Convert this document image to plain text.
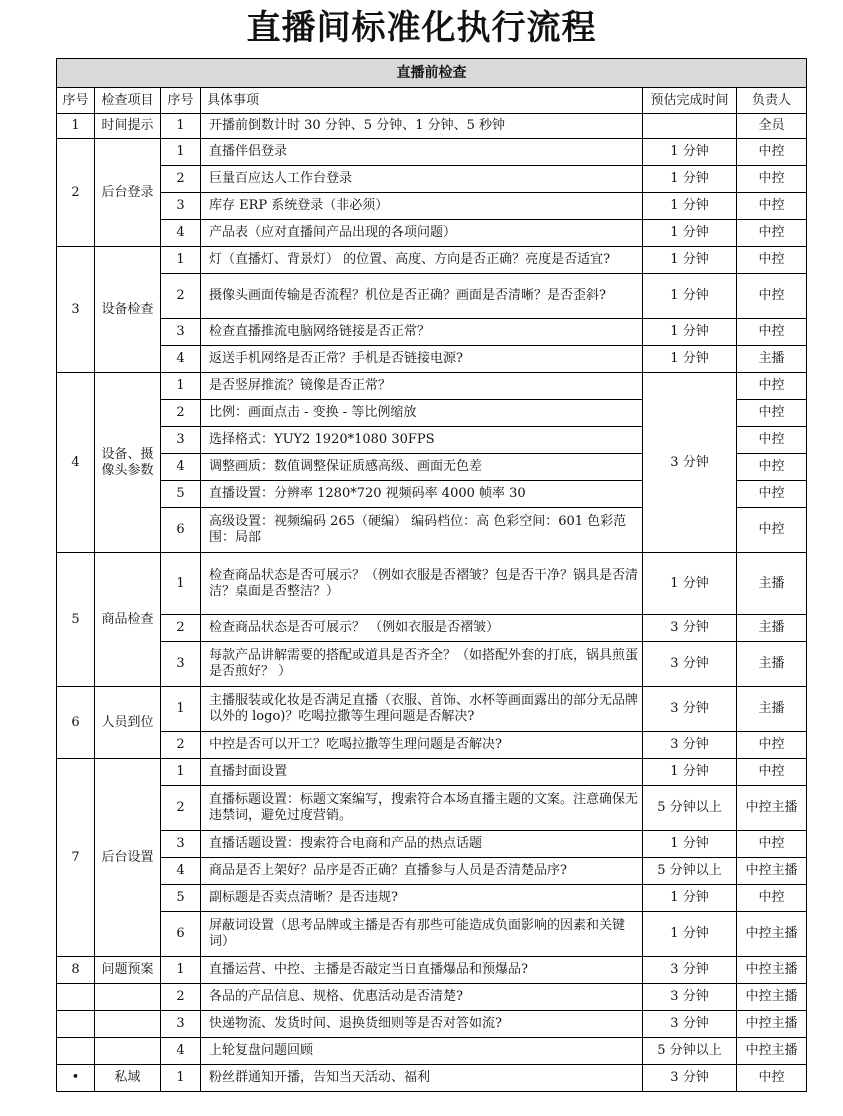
直播间标准化执行流程
直播前检查					
序号	检查项目	序号	具体事项	预估完成时间	负责人
1	时间提示	1	开播前倒数计时 30 分钟、5 分钟、1 分钟、5 秒钟		全员
2	后台登录	1	直播伴侣登录	1 分钟	中控
		2	巨量百应达人工作台登录	1 分钟	中控
		3	库存 ERP 系统登录（非必须）	1 分钟	中控
		4	产品表（应对直播间产品出现的各项问题）	1 分钟	中控
3	设备检查	1	灯（直播灯、背景灯） 的位置、高度、方向是否正确？亮度是否适宜?	1 分钟	中控
		2	摄像头画面传输是否流程？机位是否正确？画面是否清晰？是否歪斜?	1 分钟	中控
		3	检查直播推流电脑网络链接是否正常？	1 分钟	中控
		4	返送手机网络是否正常？手机是否链接电源?	1 分钟	主播
4	设备、摄像头参数	1	是否竖屏推流？镜像是否正常？	3 分钟	中控
		2	比例：画面点击 - 变换 - 等比例缩放		中控
		3	选择格式：YUY2 1920*1080 30FPS		中控
		4	调整画质：数值调整保证质感高级、画面无色差		中控
		5	直播设置：分辨率 1280*720 视频码率 4000 帧率 30		中控
		6	高级设置：视频编码 265（硬编） 编码档位：高 色彩空间：601 色彩范围：局部		中控
5	商品检查	1	检查商品状态是否可展示？（例如衣服是否褶皱？包是否干净？锅具是否清洁？桌面是否整洁？）	1 分钟	主播
		2	检查商品状态是否可展示？ （例如衣服是否褶皱）	3 分钟	主播
		3	每款产品讲解需要的搭配或道具是否齐全？（如搭配外套的打底，锅具煎蛋是否煎好？ ）	3 分钟	主播
6	人员到位	1	主播服装或化妆是否满足直播（衣服、首饰、水杯等画面露出的部分无品牌以外的 logo)？吃喝拉撒等生理问题是否解决?	3 分钟	主播
		2	中控是否可以开工？吃喝拉撒等生理问题是否解决?	3 分钟	中控
7	后台设置	1	直播封面设置	1 分钟	中控
		2	直播标题设置：标题文案编写，搜索符合本场直播主题的文案。注意确保无违禁词，避免过度营销。	5 分钟以上	中控主播
		3	直播话题设置：搜索符合电商和产品的热点话题	1 分钟	中控
		4	商品是否上架好？品序是否正确？直播参与人员是否清楚品序?	5 分钟以上	中控主播
		5	副标题是否卖点清晰？是否违规?	1 分钟	中控
		6	屏蔽词设置（思考品牌或主播是否有那些可能造成负面影响的因素和关键词）	1 分钟	中控主播
8	问题预案	1	直播运营、中控、主播是否敲定当日直播爆品和预爆品?	3 分钟	中控主播
		2	各品的产品信息、规格、优惠活动是否清楚?	3 分钟	中控主播
		3	快递物流、发货时间、退换货细则等是否对答如流?	3 分钟	中控主播
		4	上轮复盘问题回顾	5 分钟以上	中控主播
•	私域	1	粉丝群通知开播，告知当天活动、福利	3 分钟	中控
